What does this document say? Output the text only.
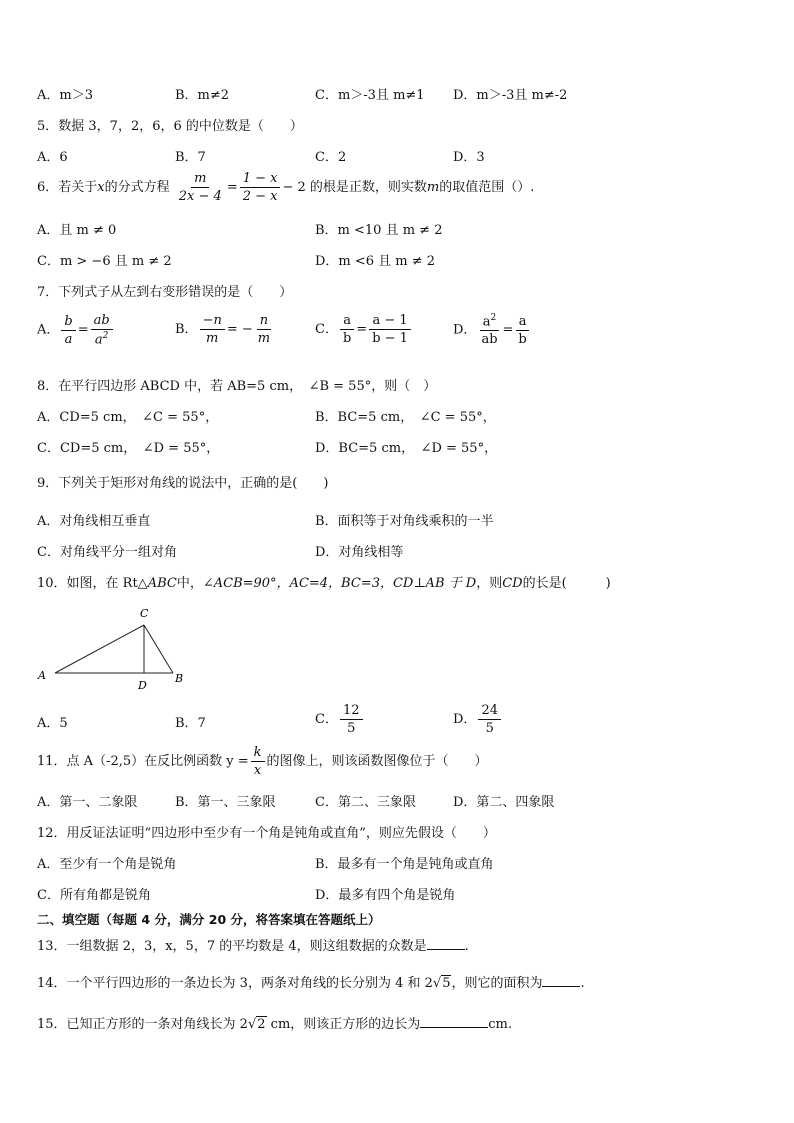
A．m＞3	B．m≠2	C．m＞-3且 m≠1 D．m＞-3且 m≠-2
5．数据 3，7，2，6，6 的中位数是（　　）
A．6	B．7	C．2	D．3
6．若关于x的分式方程 $\frac{m}{2x - 4} = \frac{1 - x}{2 - x} - 2$ 的根是正数，则实数m的取值范围（）.
A．且 m ≠ 0	B．m <10 且 m ≠ 2
C．m > −6 且 m ≠ 2	D．m <6 且 m ≠ 2
7．下列式子从左到右变形错误的是（　　）
A． $\frac{b}{a} = \frac{ab}{a^2}$	B． $\frac{-n}{m}$ = − $\frac{n}{m}$	C． $\frac{a}{b} = \frac{a - 1}{b - 1}$	D． $\frac{a^2}{ab} = \frac{a}{b}$
8．在平行四边形 ABCD 中，若 AB=5 cm，　∠B = 55°，则（　）
A．CD=5 cm，　∠C = 55°，	B．BC=5 cm，　∠C = 55°，
C．CD=5 cm，　∠D = 55°，	D．BC=5 cm，　∠D = 55°，
9．下列关于矩形对角线的说法中，正确的是(　　)
A．对角线相互垂直	B．面积等于对角线乘积的一半
C．对角线平分一组对角	D．对角线相等
10．如图，在 Rt△ABC中，∠ACB=90°，AC=4，BC=3，CD⊥AB 于 D，则CD的长是(　　　)
A	B
C
D
A．5	B．7	C． $\frac{12}{5}$	D． $\frac{24}{5}$
11．点 A（-2,5）在反比例函数 $y = \frac{k}{x}$ 的图像上，则该函数图像位于（　　）
A．第一、二象限	B．第一、三象限	C．第二、三象限	D．第二、四象限
12．用反证法证明“四边形中至少有一个角是钝角或直角”，则应先假设（　　）
A．至少有一个角是锐角	B．最多有一个角是钝角或直角
C．所有角都是锐角	D．最多有四个角是锐角
二、填空题（每题 4 分，满分 20 分，将答案填在答题纸上）
13．一组数据 2，3，x，5，7 的平均数是 4，则这组数据的众数是	.
14．一个平行四边形的一条边长为 3，两条对角线的长分别为 4 和 2√5，则它的面积为	.
15．已知正方形的一条对角线长为 2√2 cm，则该正方形的边长为	cm.
